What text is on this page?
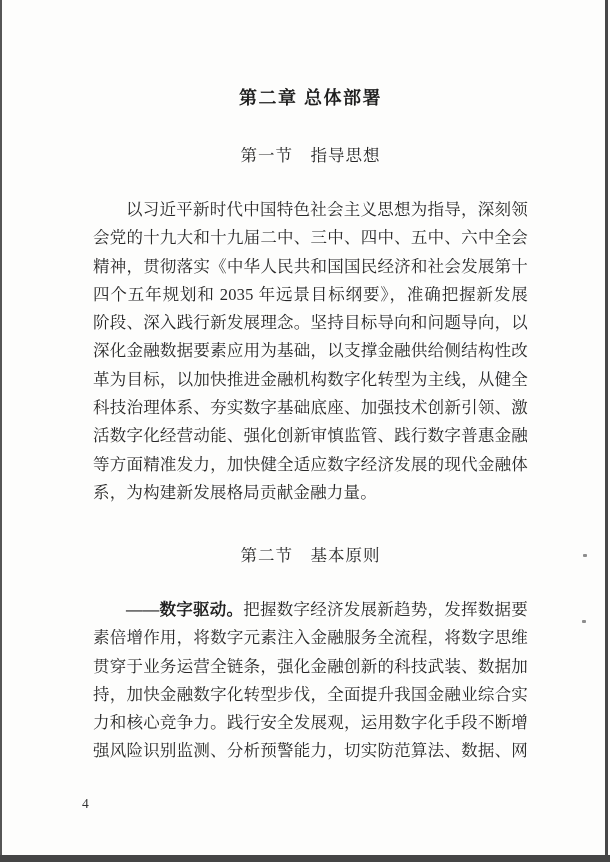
第二章 总体部署
第一节　指导思想
以习近平新时代中国特色社会主义思想为指导，深刻领
会党的十九大和十九届二中、三中、四中、五中、六中全会
精神，贯彻落实《中华人民共和国国民经济和社会发展第十
四个五年规划和 2035 年远景目标纲要》，准确把握新发展
阶段、深入践行新发展理念。坚持目标导向和问题导向，以
深化金融数据要素应用为基础，以支撑金融供给侧结构性改
革为目标，以加快推进金融机构数字化转型为主线，从健全
科技治理体系、夯实数字基础底座、加强技术创新引领、激
活数字化经营动能、强化创新审慎监管、践行数字普惠金融
等方面精准发力，加快健全适应数字经济发展的现代金融体
系，为构建新发展格局贡献金融力量。
第二节　基本原则
——数字驱动。把握数字经济发展新趋势，发挥数据要
素倍增作用，将数字元素注入金融服务全流程，将数字思维
贯穿于业务运营全链条，强化金融创新的科技武装、数据加
持，加快金融数字化转型步伐，全面提升我国金融业综合实
力和核心竞争力。践行安全发展观，运用数字化手段不断增
强风险识别监测、分析预警能力，切实防范算法、数据、网
4
